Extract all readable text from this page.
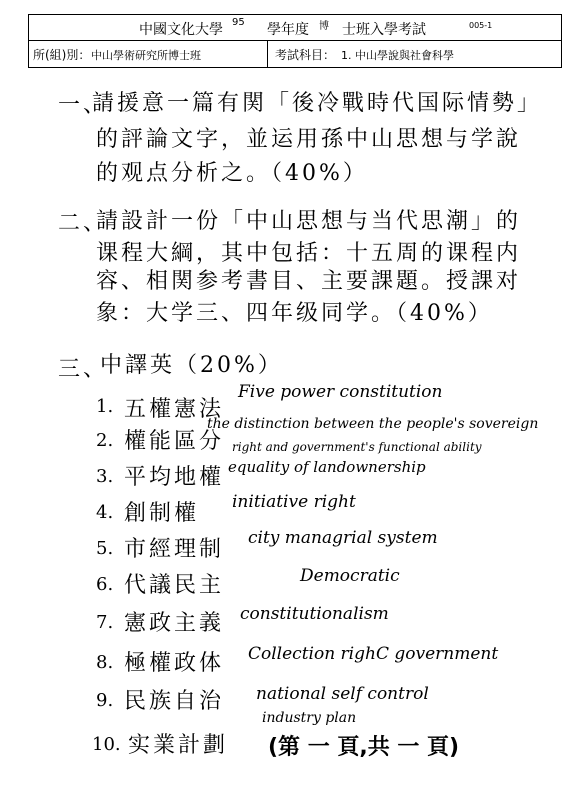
中國文化大學 95 學年度 博 士班入學考試	005-1
所(組)別： 中山學術研究所博士班	考試科目： 1. 中山學說與社會科學
一、
請援意一篇有関「後冷戰時代国际情勢」
的評論文字，並运用孫中山思想与学說
的观点分析之。（40%）
二、
請設計一份「中山思想与当代思潮」的
课程大綱，其中包括：十五周的课程内
容、相関参考書目、主要課題。授課对
象：大学三、四年级同学。（40%）
三、
中譯英（20%）
1. 五權憲法
Five power constitution
2. 權能區分
the distinction between the people's sovereign
right and government's functional ability
3. 平均地權 equality of landownership
4. 創制權 initiative right
5. 市經理制 city managrial system
6. 代議民主	Democratic
7. 憲政主義 constitutionalism
8. 極權政体 Collection righC government
9. 民族自治 national self control
10. 实業計劃
industry plan
(第 一 頁,共 一 頁)
